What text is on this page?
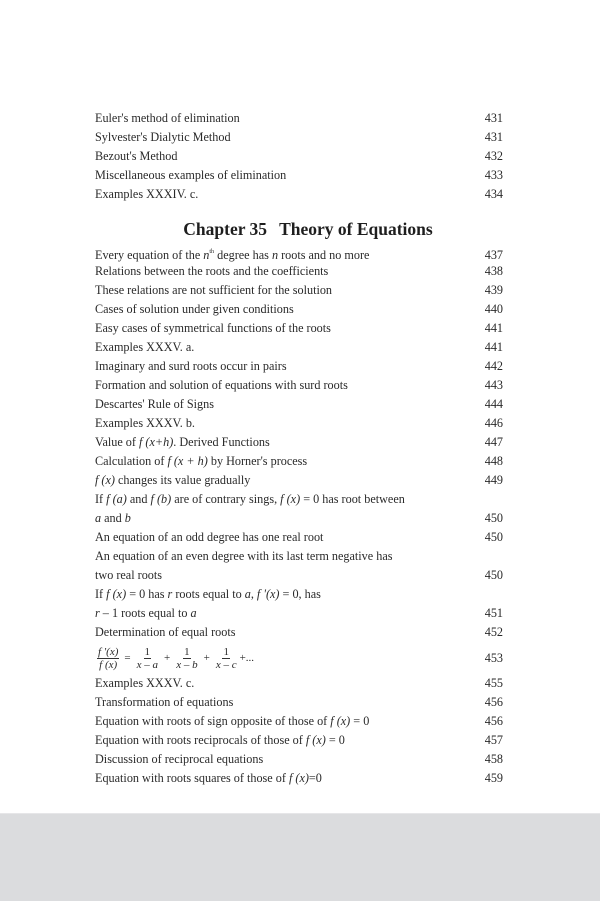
Euler's method of elimination	431
Sylvester's Dialytic Method	431
Bezout's Method	432
Miscellaneous examples of elimination	433
Examples XXXIV. c.	434
Chapter 35 Theory of Equations
Every equation of the $n^{th}$ degree has n roots and no more	437
Relations between the roots and the coefficients	438
These relations are not sufficient for the solution	439
Cases of solution under given conditions	440
Easy cases of symmetrical functions of the roots	441
Examples XXXV. a.	441
Imaginary and surd roots occur in pairs	442
Formation and solution of equations with surd roots	443
Descartes' Rule of Signs	444
Examples XXXV. b.	446
Value of f (x+h). Derived Functions	447
Calculation of f (x + h) by Horner's process	448
f (x) changes its value gradually	449
If f (a) and f (b) are of contrary sings, f (x) = 0 has root between
a and b	450
An equation of an odd degree has one real root	450
An equation of an even degree with its last term negative has
two real roots	450
If f (x) = 0 has r roots equal to a, f '(x) = 0, has
r – 1 roots equal to a	451
Determination of equal roots	452
$\frac{f '(x)}{f (x)} = \frac{1}{x - a} + \frac{1}{x - b} + \frac{1}{x - c}$ +...	453
Examples XXXV. c.	455
Transformation of equations	456
Equation with roots of sign opposite of those of f (x) = 0	456
Equation with roots reciprocals of those of f (x) = 0	457
Discussion of reciprocal equations	458
Equation with roots squares of those of f (x)=0	459
